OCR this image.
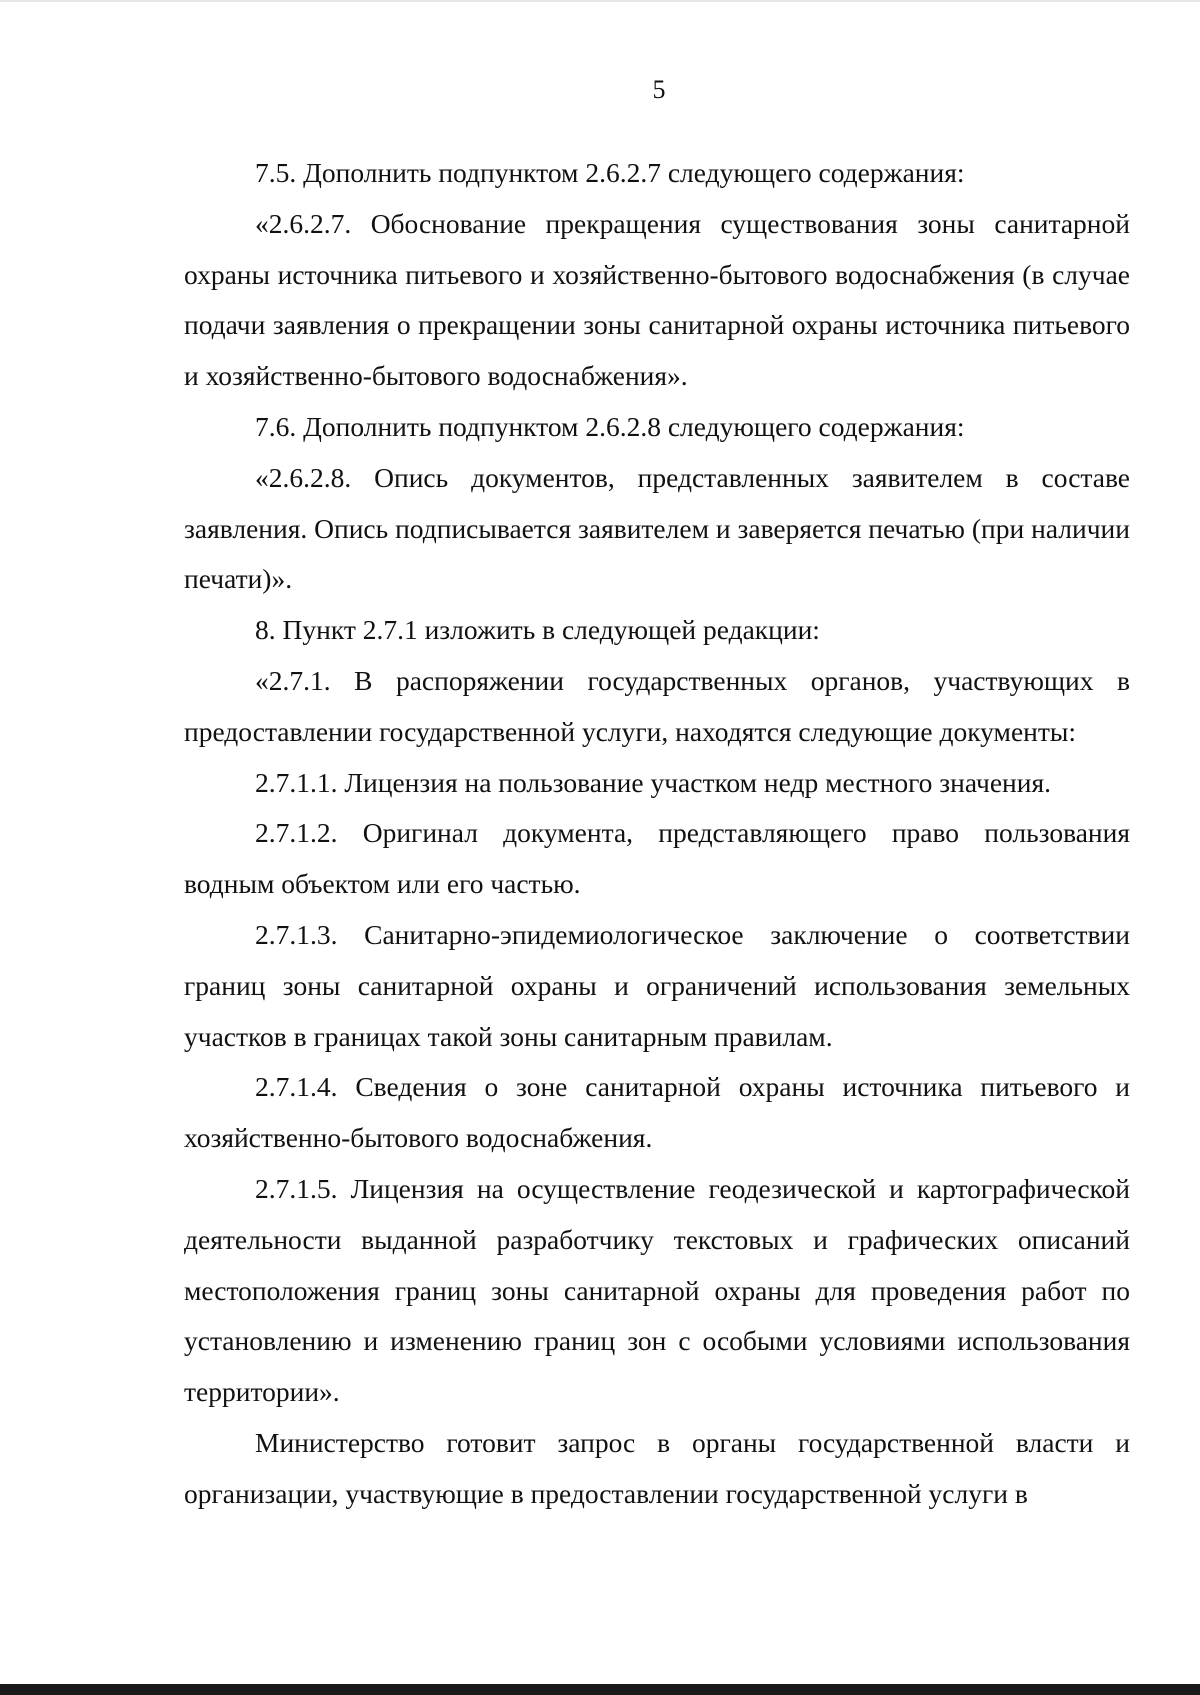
5

7.5. Дополнить подпунктом 2.6.2.7 следующего содержания:

«2.6.2.7. Обоснование прекращения существования зоны санитарной охраны источника питьевого и хозяйственно-бытового водоснабжения (в случае подачи заявления о прекращении зоны санитарной охраны источника питьевого и хозяйственно-бытового водоснабжения».

7.6. Дополнить подпунктом 2.6.2.8 следующего содержания:

«2.6.2.8. Опись документов, представленных заявителем в составе заявления. Опись подписывается заявителем и заверяется печатью (при наличии печати)».

8. Пункт 2.7.1 изложить в следующей редакции:

«2.7.1. В распоряжении государственных органов, участвующих в предоставлении государственной услуги, находятся следующие документы:

2.7.1.1. Лицензия на пользование участком недр местного значения.

2.7.1.2. Оригинал документа, представляющего право пользования водным объектом или его частью.

2.7.1.3. Санитарно-эпидемиологическое заключение о соответствии границ зоны санитарной охраны и ограничений использования земельных участков в границах такой зоны санитарным правилам.

2.7.1.4. Сведения о зоне санитарной охраны источника питьевого и хозяйственно-бытового водоснабжения.

2.7.1.5. Лицензия на осуществление геодезической и картографической деятельности выданной разработчику текстовых и графических описаний местоположения границ зоны санитарной охраны для проведения работ по установлению и изменению границ зон с особыми условиями использования территории».

Министерство готовит запрос в органы государственной власти и организации, участвующие в предоставлении государственной услуги в
